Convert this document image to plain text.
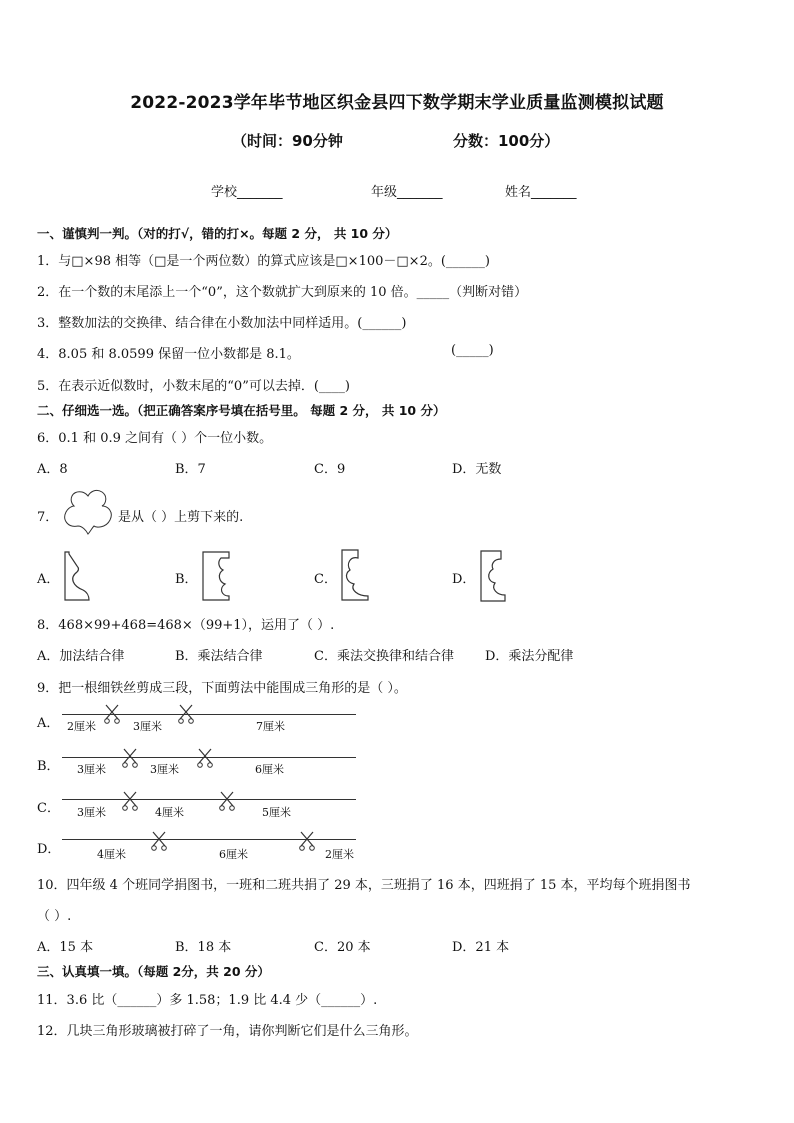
2022-2023学年毕节地区织金县四下数学期末学业质量监测模拟试题
（时间：90分钟	分数：100分）
学校_______	年级_______	姓名_______
一、谨慎判一判。（对的打√，错的打×。每题 2 分， 共 10 分）
1．与□×98 相等（□是一个两位数）的算式应该是□×100－□×2。(______)
2．在一个数的末尾添上一个“0”，这个数就扩大到原来的 10 倍。_____（判断对错）
3．整数加法的交换律、结合律在小数加法中同样适用。(______)
4．8.05 和 8.0599 保留一位小数都是 8.1。	(_____)
5．在表示近似数时，小数末尾的“0”可以去掉．(____)
二、仔细选一选。（把正确答案序号填在括号里。 每题 2 分， 共 10 分）
6．0.1 和 0.9 之间有（ ）个一位小数。
A．8	B．7	C．9	D．无数
7．	是从（ ）上剪下来的.
A．	B．	C．	D．
8．468×99+468=468×（99+1），运用了（ ）.
A．加法结合律	B．乘法结合律	C．乘法交换律和结合律 D．乘法分配律
9．把一根细铁丝剪成三段，下面剪法中能围成三角形的是（ ）。
A． 2厘米	3厘米	7厘米
B． 3厘米	3厘米	6厘米
C． 3厘米	4厘米	5厘米
D．	4厘米	6厘米	2厘米
10．四年级 4 个班同学捐图书，一班和二班共捐了 29 本，三班捐了 16 本，四班捐了 15 本，平均每个班捐图书
（ ）.
A．15 本	B．18 本	C．20 本	D．21 本
三、认真填一填。（每题 2分，共 20 分）
11．3.6 比（______）多 1.58；1.9 比 4.4 少（______）.
12．几块三角形玻璃被打碎了一角，请你判断它们是什么三角形。
